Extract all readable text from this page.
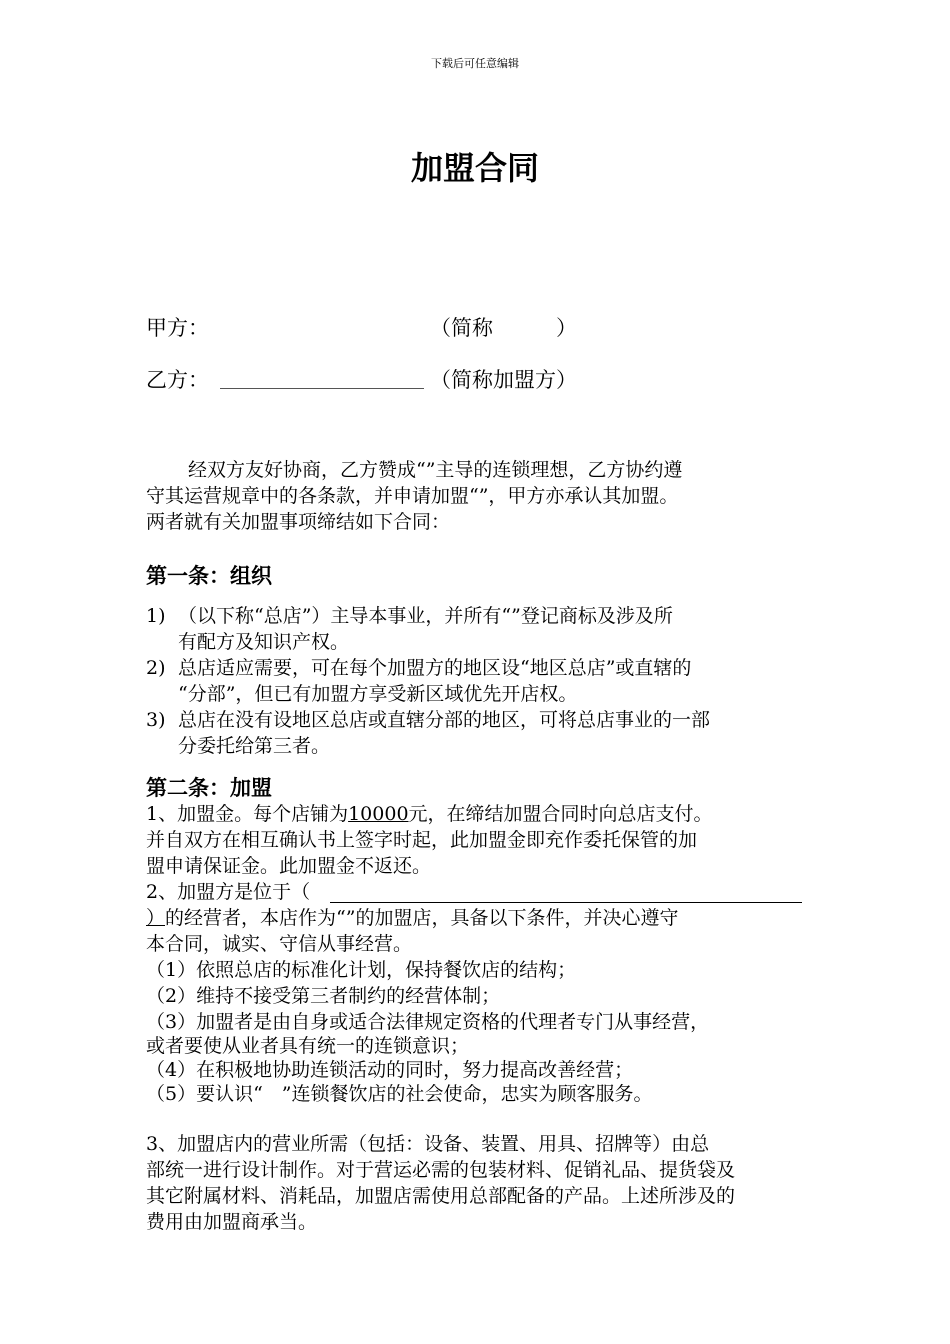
下载后可任意编辑
加盟合同
甲方：	（简称　　　）
乙方：	（简称加盟方）
经双方友好协商，乙方赞成“”主导的连锁理想，乙方协约遵
守其运营规章中的各条款，并申请加盟“”，甲方亦承认其加盟。
两者就有关加盟事项缔结如下合同：
第一条：组织
1) （以下称“总店”）主导本事业，并所有“”登记商标及涉及所
有配方及知识产权。
2) 总店适应需要，可在每个加盟方的地区设“地区总店”或直辖的
“分部”，但已有加盟方享受新区域优先开店权。
3) 总店在没有设地区总店或直辖分部的地区，可将总店事业的一部
分委托给第三者。
第二条：加盟
1、加盟金。每个店铺为10000元，在缔结加盟合同时向总店支付。
并自双方在相互确认书上签字时起，此加盟金即充作委托保管的加
盟申请保证金。此加盟金不返还。
2、加盟方是位于（
）的经营者，本店作为“”的加盟店，具备以下条件，并决心遵守
本合同，诚实、守信从事经营。
（1）依照总店的标准化计划，保持餐饮店的结构；
（2）维持不接受第三者制约的经营体制；
（3）加盟者是由自身或适合法律规定资格的代理者专门从事经营，
或者要使从业者具有统一的连锁意识；
（4）在积极地协助连锁活动的同时，努力提高改善经营；
（5）要认识“　”连锁餐饮店的社会使命，忠实为顾客服务。
3、加盟店内的营业所需（包括：设备、装置、用具、招牌等）由总
部统一进行设计制作。对于营运必需的包装材料、促销礼品、提货袋及
其它附属材料、消耗品，加盟店需使用总部配备的产品。上述所涉及的
费用由加盟商承当。
